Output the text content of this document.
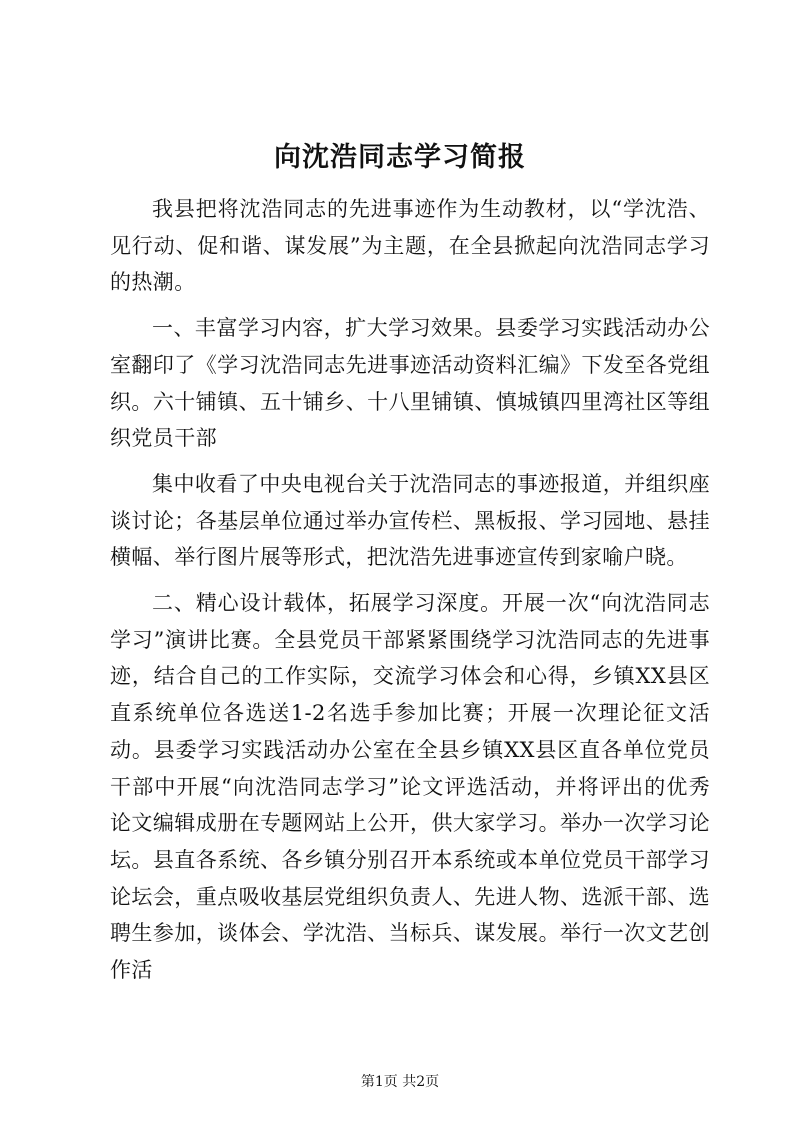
向沈浩同志学习简报

我县把将沈浩同志的先进事迹作为生动教材，以“学沈浩、见行动、促和谐、谋发展”为主题，在全县掀起向沈浩同志学习的热潮。

一、丰富学习内容，扩大学习效果。县委学习实践活动办公室翻印了《学习沈浩同志先进事迹活动资料汇编》下发至各党组织。六十铺镇、五十铺乡、十八里铺镇、慎城镇四里湾社区等组织党员干部

集中收看了中央电视台关于沈浩同志的事迹报道，并组织座谈讨论；各基层单位通过举办宣传栏、黑板报、学习园地、悬挂横幅、举行图片展等形式，把沈浩先进事迹宣传到家喻户晓。

二、精心设计载体，拓展学习深度。开展一次“向沈浩同志学习”演讲比赛。全县党员干部紧紧围绕学习沈浩同志的先进事迹，结合自己的工作实际，交流学习体会和心得，乡镇XX县区直系统单位各选送1-2名选手参加比赛；开展一次理论征文活动。县委学习实践活动办公室在全县乡镇XX县区直各单位党员干部中开展“向沈浩同志学习”论文评选活动，并将评出的优秀论文编辑成册在专题网站上公开，供大家学习。举办一次学习论坛。县直各系统、各乡镇分别召开本系统或本单位党员干部学习论坛会，重点吸收基层党组织负责人、先进人物、选派干部、选聘生参加，谈体会、学沈浩、当标兵、谋发展。举行一次文艺创作活

第1页 共2页
